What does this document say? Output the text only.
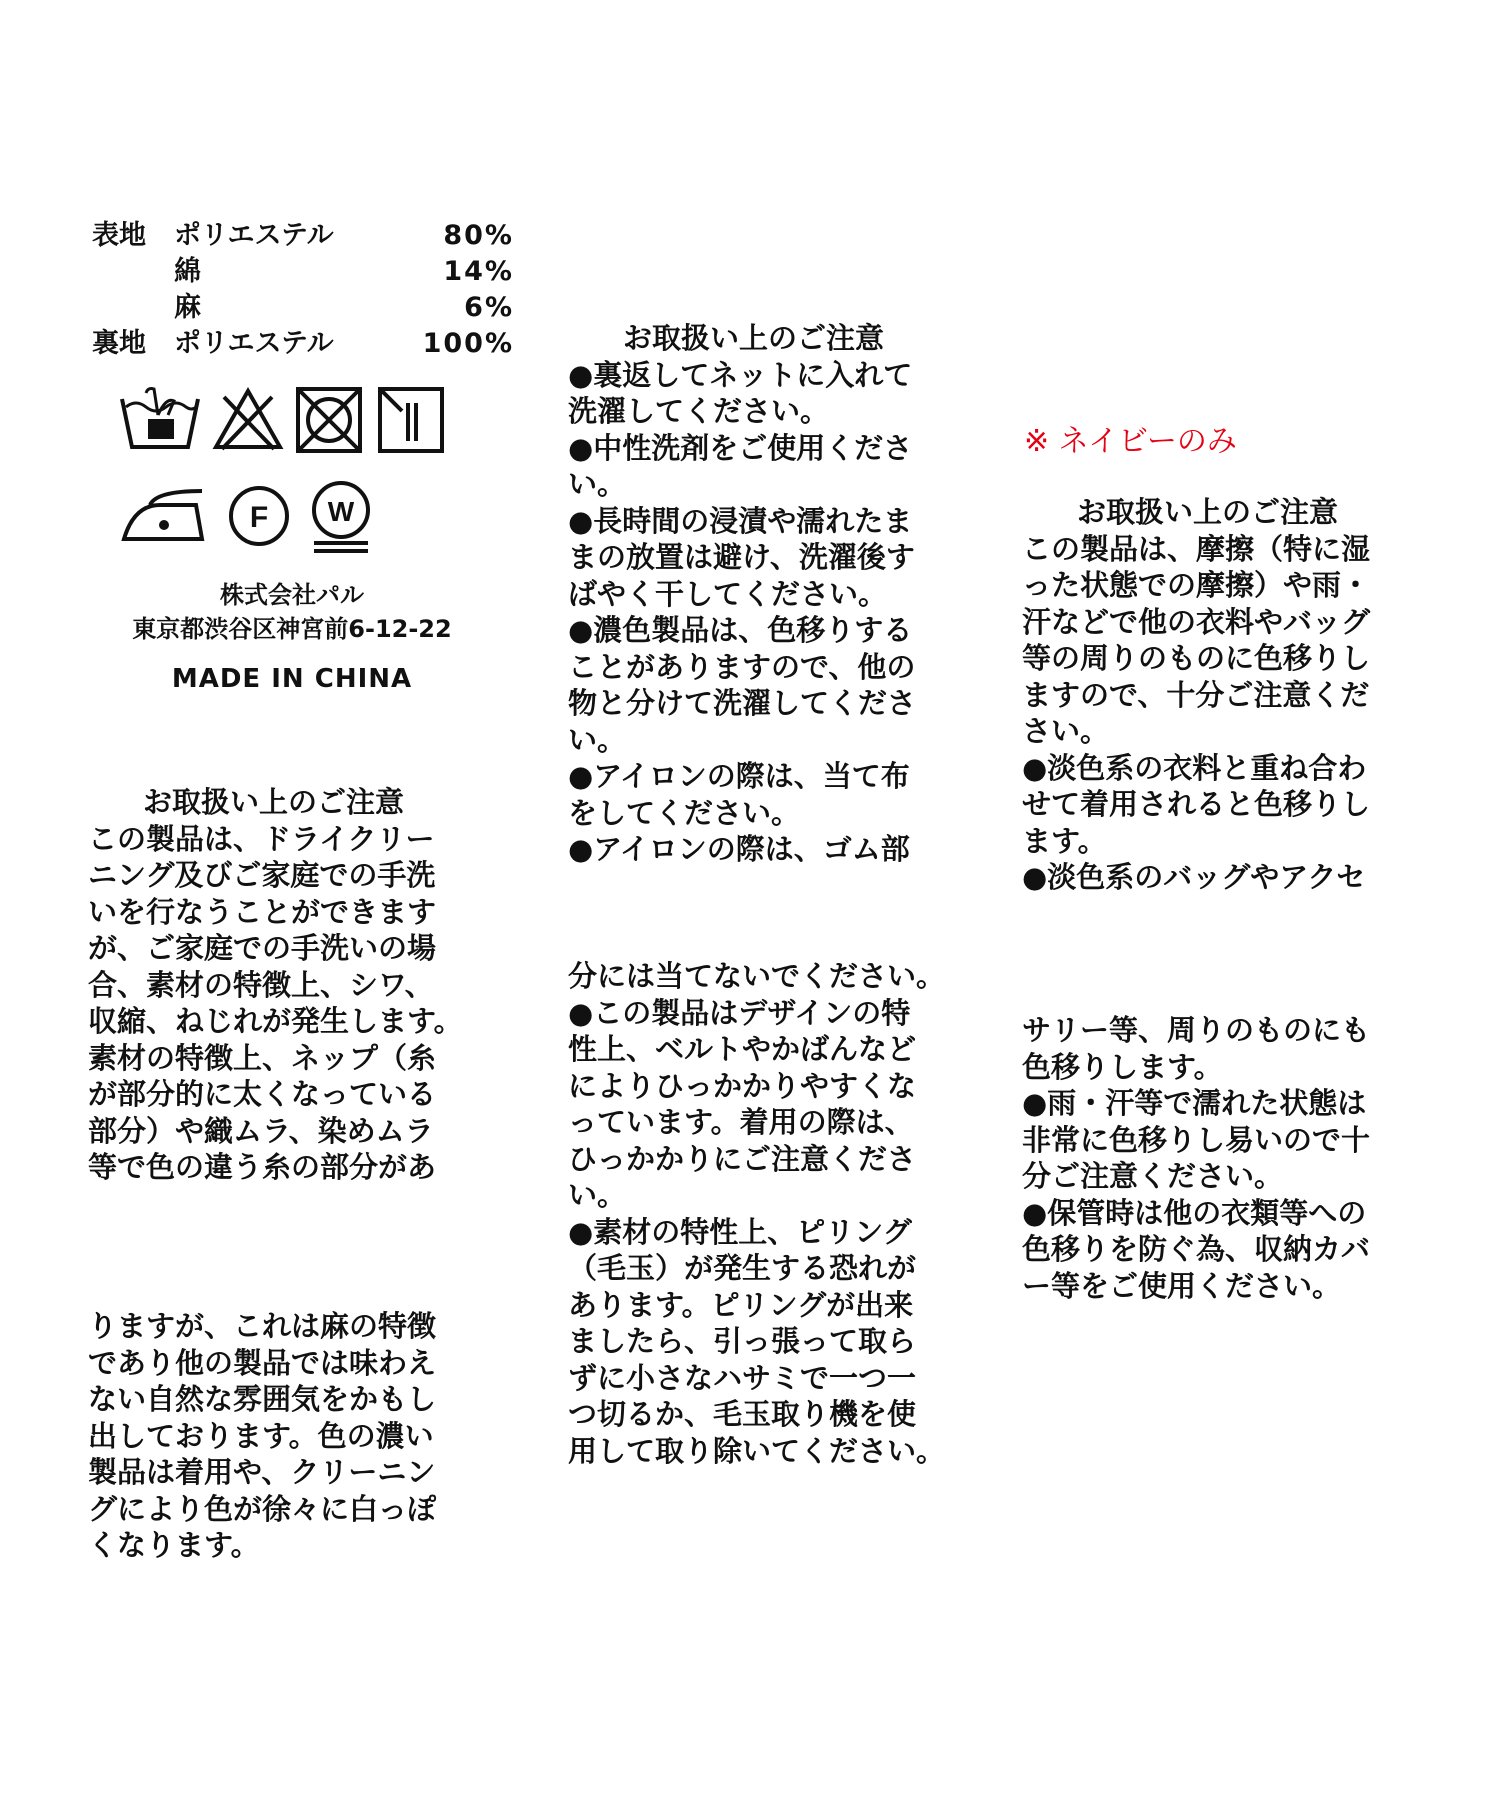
表地	ポリエステル	80%
	綿	14%
	麻	6%
裏地	ポリエステル	100%
F W
株式会社パル
東京都渋谷区神宮前6-12-22
MADE IN CHINA
お取扱い上のご注意
この製品は、ドライクリー
ニング及びご家庭での手洗
いを行なうことができます
が、ご家庭での手洗いの場
合、素材の特徴上、シワ、
収縮、ねじれが発生します。
素材の特徴上、ネップ（糸
が部分的に太くなっている
部分）や織ムラ、染めムラ
等で色の違う糸の部分があ
りますが、これは麻の特徴
であり他の製品では味わえ
ない自然な雰囲気をかもし
出しております。色の濃い
製品は着用や、クリーニン
グにより色が徐々に白っぽ
くなります。
お取扱い上のご注意
●裏返してネットに入れて
洗濯してください。
●中性洗剤をご使用くださ
い。
●長時間の浸漬や濡れたま
まの放置は避け、洗濯後す
ばやく干してください。
●濃色製品は、色移りする
ことがありますので、他の
物と分けて洗濯してくださ
い。
●アイロンの際は、当て布
をしてください。
●アイロンの際は、ゴム部
分には当てないでください。
●この製品はデザインの特
性上、ベルトやかばんなど
によりひっかかりやすくな
っています。着用の際は、
ひっかかりにご注意くださ
い。
●素材の特性上、ピリング
（毛玉）が発生する恐れが
あります。ピリングが出来
ましたら、引っ張って取ら
ずに小さなハサミで一つ一
つ切るか、毛玉取り機を使
用して取り除いてください。
※ ネイビーのみ
お取扱い上のご注意
この製品は、摩擦（特に湿
った状態での摩擦）や雨・
汗などで他の衣料やバッグ
等の周りのものに色移りし
ますので、十分ご注意くだ
さい。
●淡色系の衣料と重ね合わ
せて着用されると色移りし
ます。
●淡色系のバッグやアクセ
サリー等、周りのものにも
色移りします。
●雨・汗等で濡れた状態は
非常に色移りし易いので十
分ご注意ください。
●保管時は他の衣類等への
色移りを防ぐ為、収納カバ
ー等をご使用ください。
